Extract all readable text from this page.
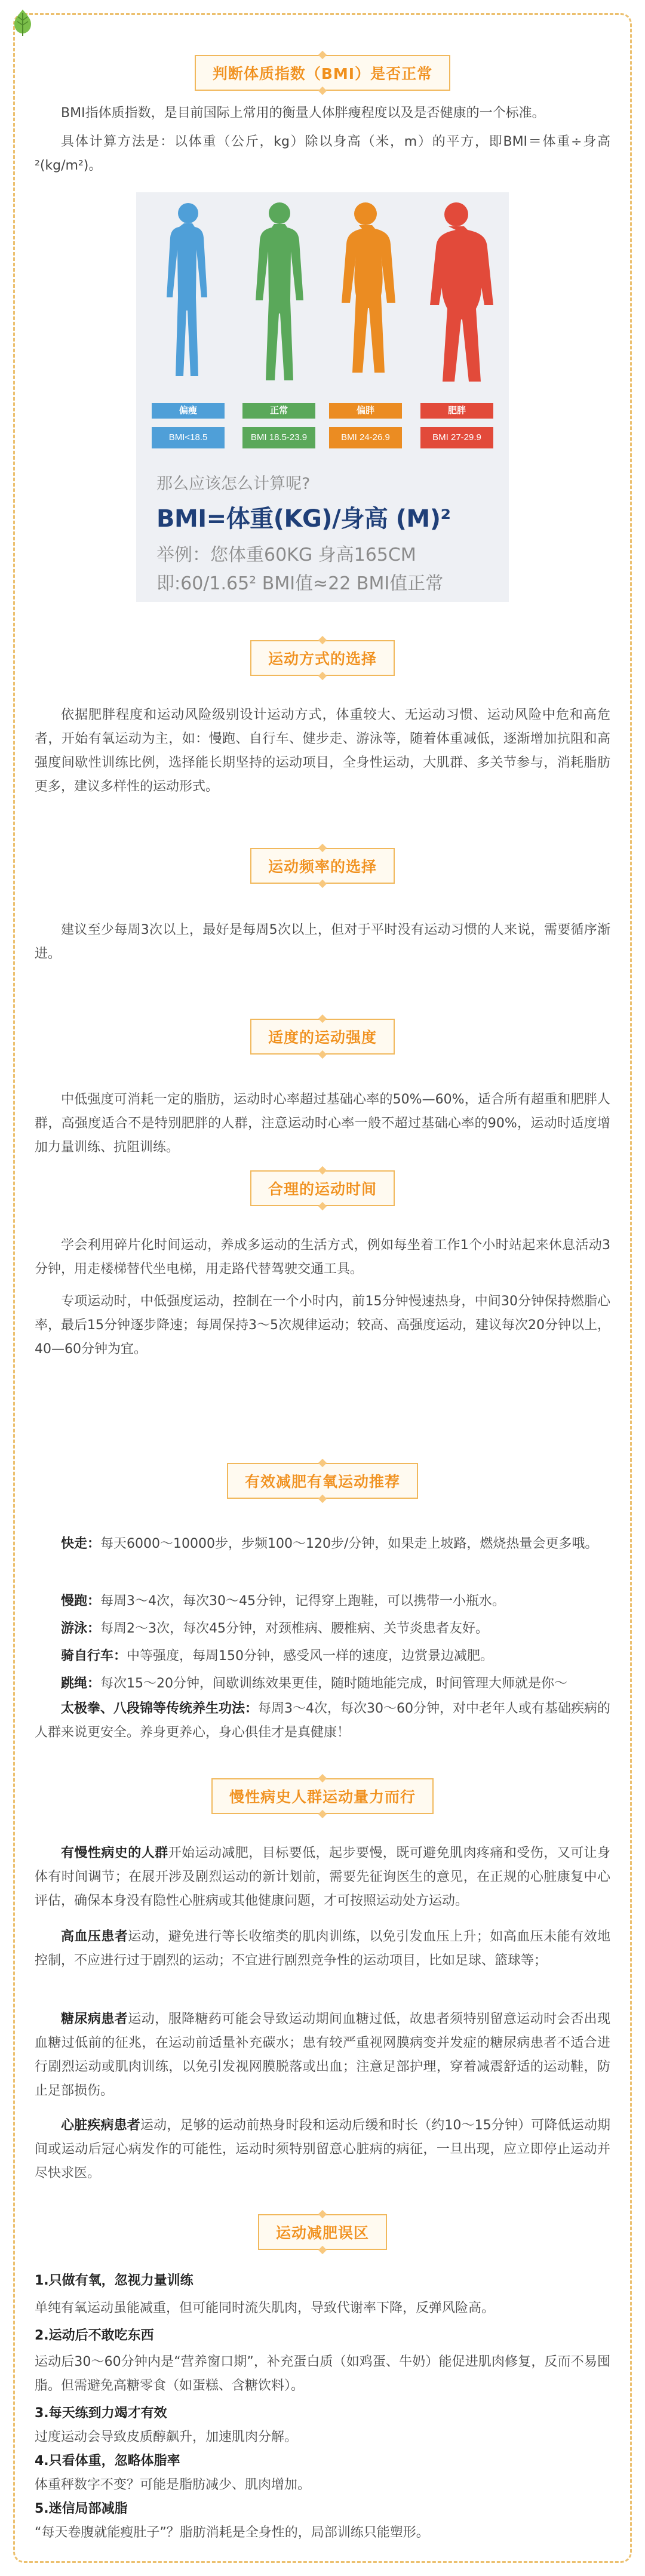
判断体质指数（BMI）是否正常

BMI指体质指数，是目前国际上常用的衡量人体胖瘦程度以及是否健康的一个标准。

具体计算方法是：以体重（公斤，kg）除以身高（米，m）的平方，即BMI＝体重÷身高²(kg/m²)。

偏瘦
BMI<18.5
正常
BMI 18.5-23.9
偏胖
BMI 24-26.9
肥胖
BMI 27-29.9
那么应该怎么计算呢?
BMI=体重(KG)/身高 (M)²
举例：您体重60KG 身高165CM
即:60/1.65² BMI值≈22 BMI值正常
运动方式的选择

依据肥胖程度和运动风险级别设计运动方式，体重较大、无运动习惯、运动风险中危和高危者，开始有氧运动为主，如：慢跑、自行车、健步走、游泳等，随着体重减低，逐渐增加抗阻和高强度间歇性训练比例，选择能长期坚持的运动项目，全身性运动，大肌群、多关节参与，消耗脂肪更多，建议多样性的运动形式。

运动频率的选择

建议至少每周3次以上，最好是每周5次以上，但对于平时没有运动习惯的人来说，需要循序渐进。

适度的运动强度

中低强度可消耗一定的脂肪，运动时心率超过基础心率的50%—60%，适合所有超重和肥胖人群，高强度适合不是特别肥胖的人群，注意运动时心率一般不超过基础心率的90%，运动时适度增加力量训练、抗阻训练。

合理的运动时间

学会利用碎片化时间运动，养成多运动的生活方式，例如每坐着工作1个小时站起来休息活动3分钟，用走楼梯替代坐电梯，用走路代替驾驶交通工具。

专项运动时，中低强度运动，控制在一个小时内，前15分钟慢速热身，中间30分钟保持燃脂心率，最后15分钟逐步降速；每周保持3～5次规律运动；较高、高强度运动，建议每次20分钟以上，40—60分钟为宜。

有效减肥有氧运动推荐

快走：每天6000～10000步，步频100～120步/分钟，如果走上坡路，燃烧热量会更多哦。

慢跑：每周3～4次，每次30～45分钟，记得穿上跑鞋，可以携带一小瓶水。

游泳：每周2～3次，每次45分钟，对颈椎病、腰椎病、关节炎患者友好。

骑自行车：中等强度，每周150分钟，感受风一样的速度，边赏景边减肥。

跳绳：每次15～20分钟，间歇训练效果更佳，随时随地能完成，时间管理大师就是你～

太极拳、八段锦等传统养生功法：每周3～4次，每次30～60分钟，对中老年人或有基础疾病的人群来说更安全。养身更养心，身心俱佳才是真健康！

慢性病史人群运动量力而行

有慢性病史的人群开始运动减肥，目标要低，起步要慢，既可避免肌肉疼痛和受伤，又可让身体有时间调节；在展开涉及剧烈运动的新计划前，需要先征询医生的意见，在正规的心脏康复中心评估，确保本身没有隐性心脏病或其他健康问题，才可按照运动处方运动。

高血压患者运动，避免进行等长收缩类的肌肉训练，以免引发血压上升；如高血压未能有效地控制，不应进行过于剧烈的运动；不宜进行剧烈竞争性的运动项目，比如足球、篮球等；

糖尿病患者运动，服降糖药可能会导致运动期间血糖过低，故患者须特别留意运动时会否出现血糖过低前的征兆，在运动前适量补充碳水；患有较严重视网膜病变并发症的糖尿病患者不适合进行剧烈运动或肌肉训练，以免引发视网膜脱落或出血；注意足部护理，穿着减震舒适的运动鞋，防止足部损伤。

心脏疾病患者运动，足够的运动前热身时段和运动后缓和时长（约10～15分钟）可降低运动期间或运动后冠心病发作的可能性，运动时须特别留意心脏病的病征，一旦出现，应立即停止运动并尽快求医。

运动减肥误区

1.只做有氧，忽视力量训练

单纯有氧运动虽能减重，但可能同时流失肌肉，导致代谢率下降，反弹风险高。

2.运动后不敢吃东西

运动后30～60分钟内是“营养窗口期”，补充蛋白质（如鸡蛋、牛奶）能促进肌肉修复，反而不易囤脂。但需避免高糖零食（如蛋糕、含糖饮料）。

3.每天练到力竭才有效

过度运动会导致皮质醇飙升，加速肌肉分解。

4.只看体重，忽略体脂率

体重秤数字不变？可能是脂肪减少、肌肉增加。

5.迷信局部减脂

“每天卷腹就能瘦肚子”？脂肪消耗是全身性的，局部训练只能塑形。
